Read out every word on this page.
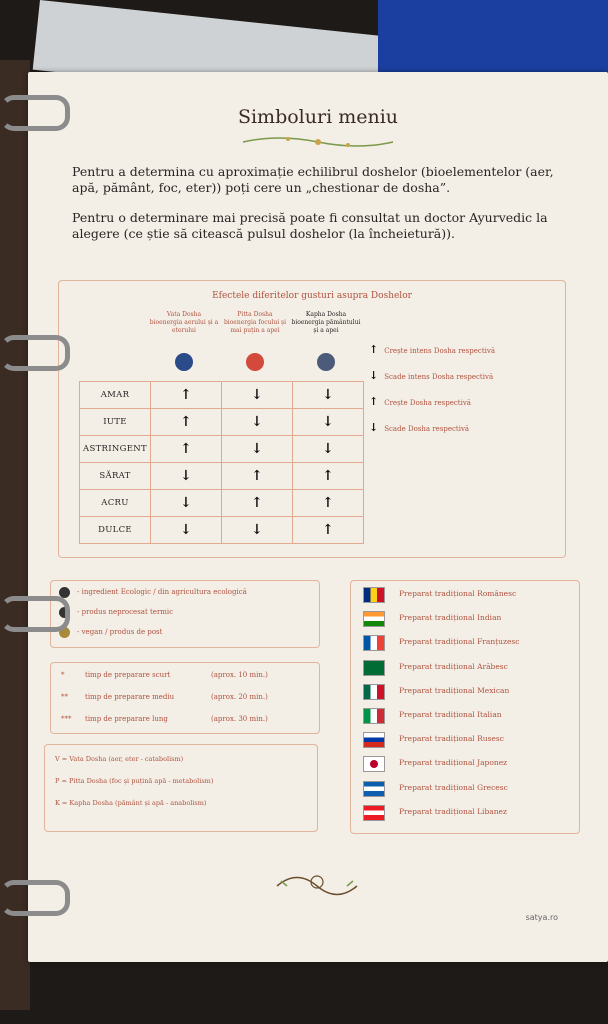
Simboluri meniu
Pentru a determina cu aproximație echilibrul doshelor (bioelementelor (aer, apă, pământ, foc, eter)) poți cere un „chestionar de dosha”.
Pentru o determinare mai precisă poate fi consultat un doctor Ayurvedic la alegere (ce știe să citească pulsul doshelor (la încheietură)).
Efectele diferitelor gusturi asupra Doshelor
Vata Dosha
bioenergia aerului și a eterului
Pitta Dosha
bioenergia focului și mai puțin a apei
Kapha Dosha
bioenergia pământului și a apei
AMAR	↑	↓	↓
IUTE	↑	↓	↓
ASTRINGENT	↑	↓	↓
SĂRAT	↓	↑	↑
ACRU	↓	↑	↑
DULCE	↓	↓	↑
↑ Crește intens Dosha respectivă
↓ Scade intens Dosha respectivă
↑ Crește Dosha respectivă
↓ Scade Dosha respectivă
- ingredient Ecologic / din agricultura ecologică
- produs neprocesat termic
- vegan / produs de post
*	timp de preparare scurt	(aprox. 10 min.)
** timp de preparare mediu	(aprox. 20 min.)
*** timp de preparare lung	(aprox. 30 min.)
V = Vata Dosha (aer, eter - catabolism)
P = Pitta Dosha (foc și puțină apă - metabolism)
K = Kapha Dosha (pământ și apă - anabolism)
Preparat tradițional Românesc
Preparat tradițional Indian
Preparat tradițional Franțuzesc
Preparat tradițional Arăbesc
Preparat tradițional Mexican
Preparat tradițional Italian
Preparat tradițional Rusesc
Preparat tradițional Japonez
Preparat tradițional Grecesc
Preparat tradițional Libanez
satya.ro
